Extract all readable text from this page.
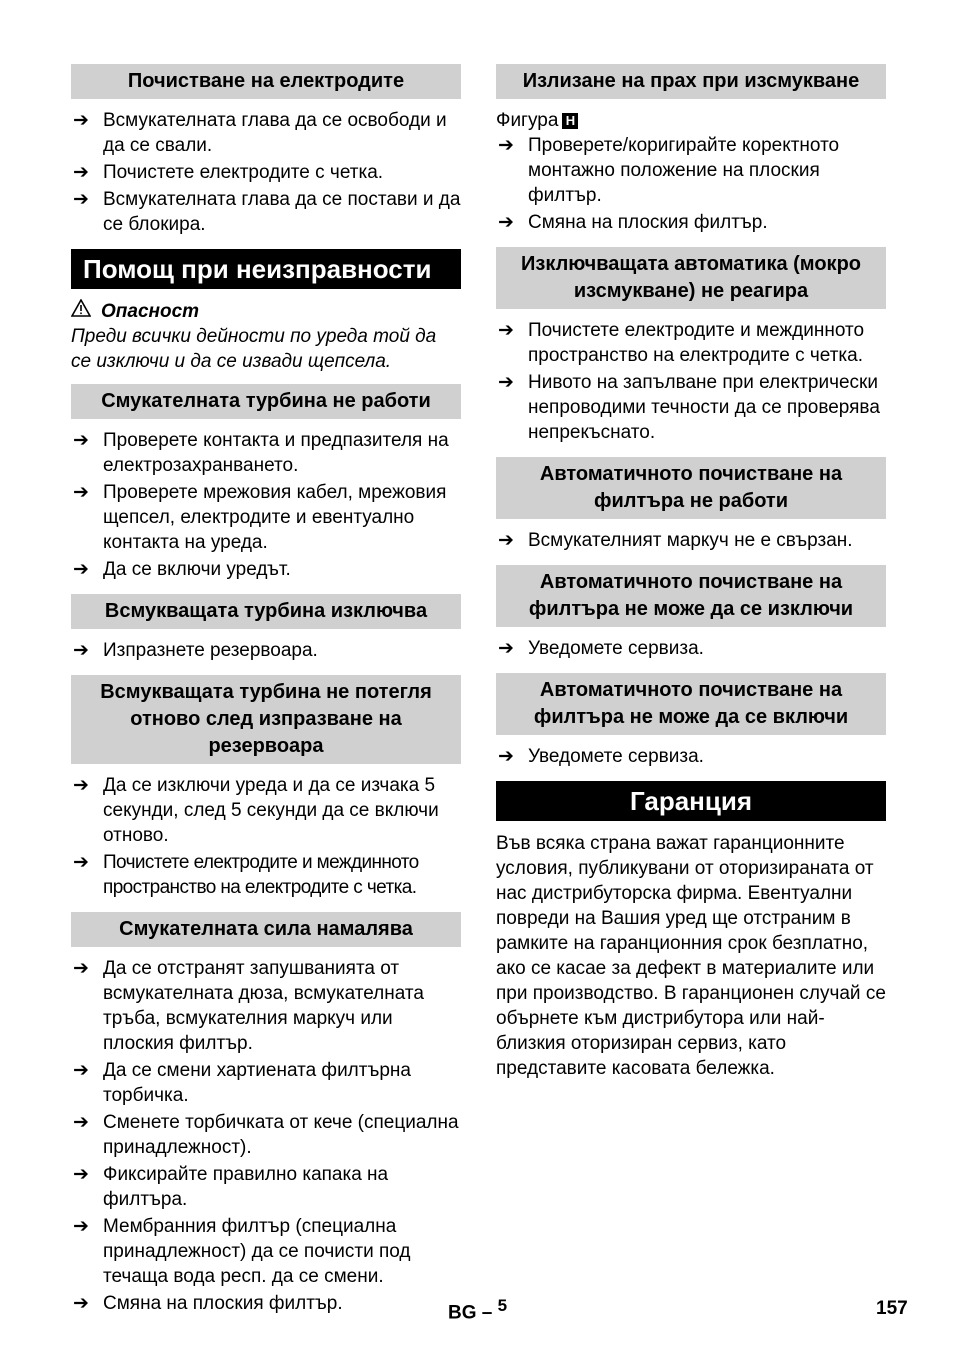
Почистване на електродите
➔ Всмукателната глава да се освободи и да се свали.
➔ Почистете електродите с четка.
➔ Всмукателната глава да се постави и да се блокира.
Помощ при неизправности
Опасност
Преди всички дейности по уреда той да се изключи и да се извади щепсела.
Смукателната турбина не работи
➔ Проверете контакта и предпазителя на електрозахранването.
➔ Проверете мрежовия кабел, мрежовия щепсел, електродите и евентуално контакта на уреда.
➔ Да се включи уредът.
Всмукващата турбина изключва
➔ Изпразнете резервоара.
Всмукващата турбина не потегля отново след изпразване на резервоара
➔ Да се изключи уреда и да се изчака 5 секунди, след 5 секунди да се включи отново.
➔ Почистете електродите и междинното пространство на електродите с четка.
Смукателната сила намалява
➔ Да се отстранят запушванията от всмукателната дюза, всмукателната тръба, всмукателния маркуч или плоския филтър.
➔ Да се смени хартиената филтърна торбичка.
➔ Сменете торбичката от кече (специална принадлежност).
➔ Фиксирайте правилно капака на филтъра.
➔ Мембранния филтър (специална принадлежност) да се почисти под течаща вода респ. да се смени.
➔ Смяна на плоския филтър.
Излизане на прах при изсмукване
Фигура H
➔ Проверете/коригирайте коректното монтажно положение на плоския филтър.
➔ Смяна на плоския филтър.
Изключващата автоматика (мокро изсмукване) не реагира
➔ Почистете електродите и междинното пространство на електродите с четка.
➔ Нивото на запълване при електрически непроводими течности да се проверява непрекъснато.
Автоматичното почистване на филтъра не работи
➔ Всмукателният маркуч не е свързан.
Автоматичното почистване на филтъра не може да се изключи
➔ Уведомете сервиза.
Автоматичното почистване на филтъра не може да се включи
➔ Уведомете сервиза.
Гаранция

Във всяка страна важат гаранционните условия, публикувани от оторизираната от нас дистрибуторска фирма. Евентуални повреди на Вашия уред ще отстраним в рамките на гаранционния срок безплатно, ако се касае за дефект в материалите или при производство. В гаранционен случай се обърнете към дистрибутора или най-близкия оторизиран сервиз, като представите касовата бележка.

BG – $^5$	157
